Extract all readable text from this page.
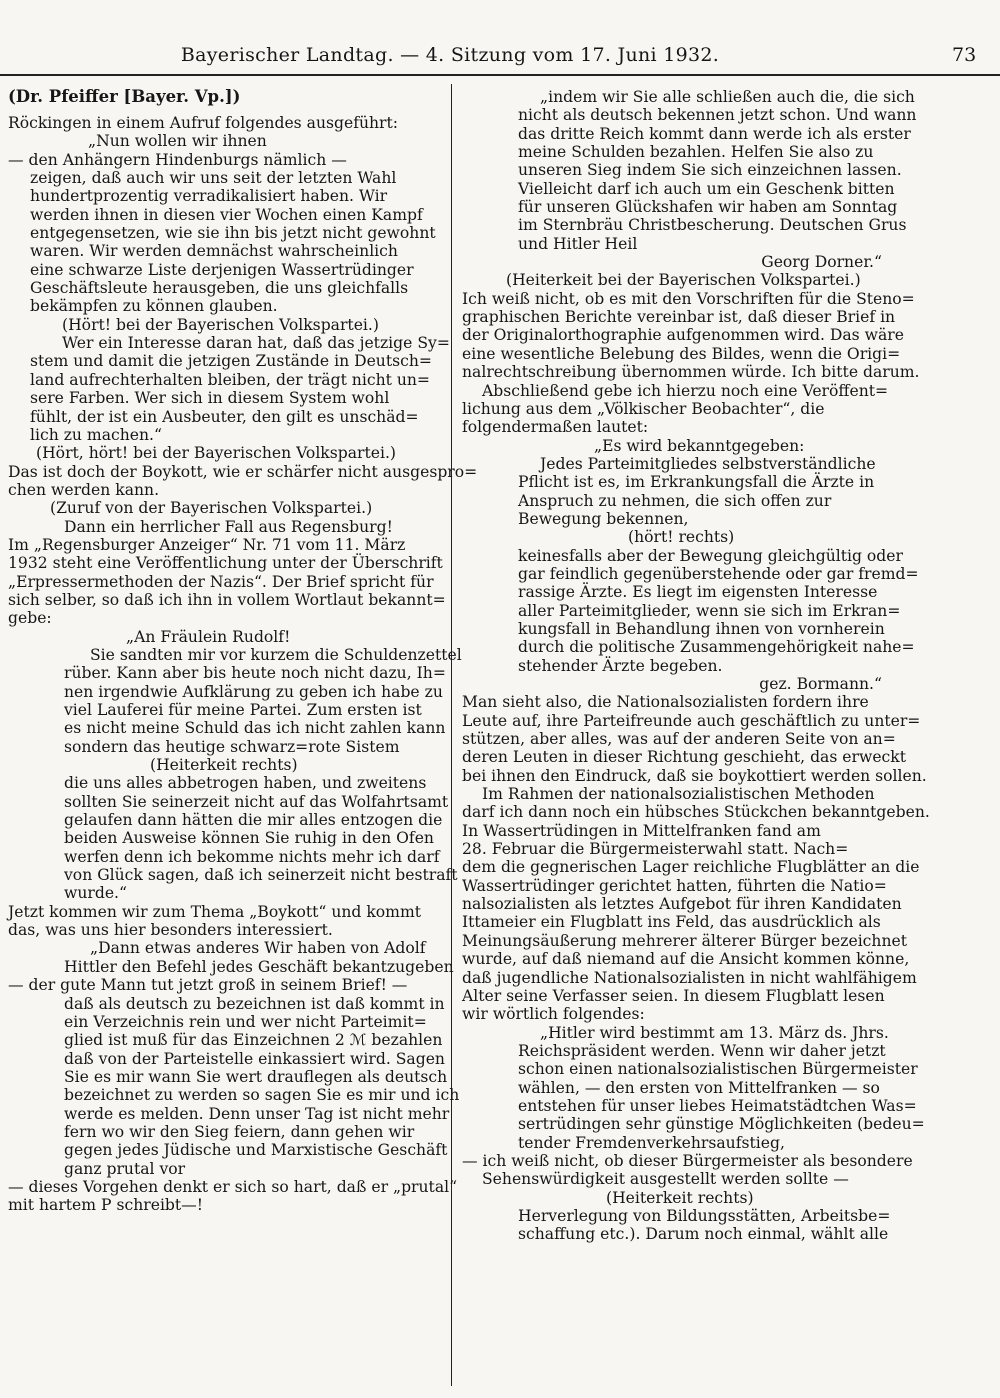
Bayerischer Landtag. — 4. Sitzung vom 17. Juni 1932.	73
(Dr. Pfeiffer [Bayer. Vp.])
Röckingen in einem Aufruf folgendes ausgeführt:
„Nun wollen wir ihnen
— den Anhängern Hindenburgs nämlich —
zeigen, daß auch wir uns seit der letzten Wahl
hundertprozentig verradikalisiert haben. Wir
werden ihnen in diesen vier Wochen einen Kampf
entgegensetzen, wie sie ihn bis jetzt nicht gewohnt
waren. Wir werden demnächst wahrscheinlich
eine schwarze Liste derjenigen Wassertrüdinger
Geschäftsleute herausgeben, die uns gleichfalls
bekämpfen zu können glauben.
(Hört! bei der Bayerischen Volkspartei.)
Wer ein Interesse daran hat, daß das jetzige Sy=
stem und damit die jetzigen Zustände in Deutsch=
land aufrechterhalten bleiben, der trägt nicht un=
sere Farben. Wer sich in diesem System wohl
fühlt, der ist ein Ausbeuter, den gilt es unschäd=
lich zu machen.“
(Hört, hört! bei der Bayerischen Volkspartei.)
Das ist doch der Boykott, wie er schärfer nicht ausgespro=
chen werden kann.
(Zuruf von der Bayerischen Volkspartei.)
Dann ein herrlicher Fall aus Regensburg!
Im „Regensburger Anzeiger“ Nr. 71 vom 11. März
1932 steht eine Veröffentlichung unter der Überschrift
„Erpressermethoden der Nazis“. Der Brief spricht für
sich selber, so daß ich ihn in vollem Wortlaut bekannt=
gebe:
„An Fräulein Rudolf!
Sie sandten mir vor kurzem die Schuldenzettel
rüber. Kann aber bis heute noch nicht dazu, Ih=
nen irgendwie Aufklärung zu geben ich habe zu
viel Lauferei für meine Partei. Zum ersten ist
es nicht meine Schuld das ich nicht zahlen kann
sondern das heutige schwarz=rote Sistem
(Heiterkeit rechts)
die uns alles abbetrogen haben, und zweitens
sollten Sie seinerzeit nicht auf das Wolfahrtsamt
gelaufen dann hätten die mir alles entzogen die
beiden Ausweise können Sie ruhig in den Ofen
werfen denn ich bekomme nichts mehr ich darf
von Glück sagen, daß ich seinerzeit nicht bestraft
wurde.“
Jetzt kommen wir zum Thema „Boykott“ und kommt
das, was uns hier besonders interessiert.
„Dann etwas anderes Wir haben von Adolf
Hittler den Befehl jedes Geschäft bekantzugeben
— der gute Mann tut jetzt groß in seinem Brief! —
daß als deutsch zu bezeichnen ist daß kommt in
ein Verzeichnis rein und wer nicht Parteimit=
glied ist muß für das Einzeichnen 2 ℳ bezahlen
daß von der Parteistelle einkassiert wird. Sagen
Sie es mir wann Sie wert drauflegen als deutsch
bezeichnet zu werden so sagen Sie es mir und ich
werde es melden. Denn unser Tag ist nicht mehr
fern wo wir den Sieg feiern, dann gehen wir
gegen jedes Jüdische und Marxistische Geschäft
ganz prutal vor
— dieses Vorgehen denkt er sich so hart, daß er „prutal“
mit hartem P schreibt—!
„indem wir Sie alle schließen auch die, die sich
nicht als deutsch bekennen jetzt schon. Und wann
das dritte Reich kommt dann werde ich als erster
meine Schulden bezahlen. Helfen Sie also zu
unseren Sieg indem Sie sich einzeichnen lassen.
Vielleicht darf ich auch um ein Geschenk bitten
für unseren Glückshafen wir haben am Sonntag
im Sternbräu Christbescherung. Deutschen Grus
und Hitler Heil
Georg Dorner.“
(Heiterkeit bei der Bayerischen Volkspartei.)
Ich weiß nicht, ob es mit den Vorschriften für die Steno=
graphischen Berichte vereinbar ist, daß dieser Brief in
der Originalorthographie aufgenommen wird. Das wäre
eine wesentliche Belebung des Bildes, wenn die Origi=
nalrechtschreibung übernommen würde. Ich bitte darum.
Abschließend gebe ich hierzu noch eine Veröffent=
lichung aus dem „Völkischer Beobachter“, die
folgendermaßen lautet:
„Es wird bekanntgegeben:
Jedes Parteimitgliedes selbstverständliche
Pflicht ist es, im Erkrankungsfall die Ärzte in
Anspruch zu nehmen, die sich offen zur
Bewegung bekennen,
(hört! rechts)
keinesfalls aber der Bewegung gleichgültig oder
gar feindlich gegenüberstehende oder gar fremd=
rassige Ärzte. Es liegt im eigensten Interesse
aller Parteimitglieder, wenn sie sich im Erkran=
kungsfall in Behandlung ihnen von vornherein
durch die politische Zusammengehörigkeit nahe=
stehender Ärzte begeben.
gez. Bormann.“
Man sieht also, die Nationalsozialisten fordern ihre
Leute auf, ihre Parteifreunde auch geschäftlich zu unter=
stützen, aber alles, was auf der anderen Seite von an=
deren Leuten in dieser Richtung geschieht, das erweckt
bei ihnen den Eindruck, daß sie boykottiert werden sollen.
Im Rahmen der nationalsozialistischen Methoden
darf ich dann noch ein hübsches Stückchen bekanntgeben.
In Wassertrüdingen in Mittelfranken fand am
28. Februar die Bürgermeisterwahl statt. Nach=
dem die gegnerischen Lager reichliche Flugblätter an die
Wassertrüdinger gerichtet hatten, führten die Natio=
nalsozialisten als letztes Aufgebot für ihren Kandidaten
Ittameier ein Flugblatt ins Feld, das ausdrücklich als
Meinungsäußerung mehrerer älterer Bürger bezeichnet
wurde, auf daß niemand auf die Ansicht kommen könne,
daß jugendliche Nationalsozialisten in nicht wahlfähigem
Alter seine Verfasser seien. In diesem Flugblatt lesen
wir wörtlich folgendes:
„Hitler wird bestimmt am 13. März ds. Jhrs.
Reichspräsident werden. Wenn wir daher jetzt
schon einen nationalsozialistischen Bürgermeister
wählen, — den ersten von Mittelfranken — so
entstehen für unser liebes Heimatstädtchen Was=
sertrüdingen sehr günstige Möglichkeiten (bedeu=
tender Fremdenverkehrsaufstieg,
— ich weiß nicht, ob dieser Bürgermeister als besondere
Sehenswürdigkeit ausgestellt werden sollte —
(Heiterkeit rechts)
Herverlegung von Bildungsstätten, Arbeitsbe=
schaffung etc.). Darum noch einmal, wählt alle
